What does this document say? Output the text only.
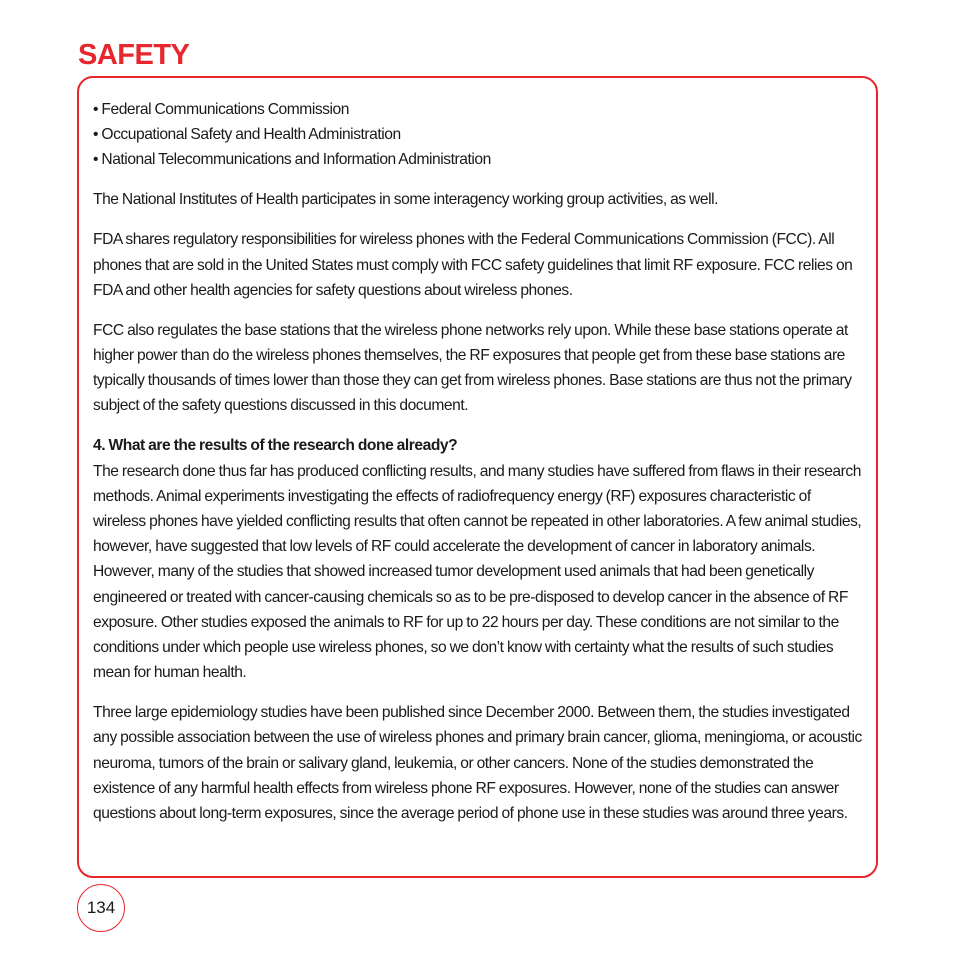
SAFETY
• Federal Communications Commission
• Occupational Safety and Health Administration
• National Telecommunications and Information Administration

The National Institutes of Health participates in some interagency working group activities, as well.

FDA shares regulatory responsibilities for wireless phones with the Federal Communications Commission (FCC). All phones that are sold in the United States must comply with FCC safety guidelines that limit RF exposure. FCC relies on FDA and other health agencies for safety questions about wireless phones.

FCC also regulates the base stations that the wireless phone networks rely upon. While these base stations operate at higher power than do the wireless phones themselves, the RF exposures that people get from these base stations are typically thousands of times lower than those they can get from wireless phones. Base stations are thus not the primary subject of the safety questions discussed in this document.

4. What are the results of the research done already?

The research done thus far has produced conflicting results, and many studies have suffered from flaws in their research methods. Animal experiments investigating the effects of radiofrequency energy (RF) exposures characteristic of wireless phones have yielded conflicting results that often cannot be repeated in other laboratories. A few animal studies, however, have suggested that low levels of RF could accelerate the development of cancer in laboratory animals. However, many of the studies that showed increased tumor development used animals that had been genetically engineered or treated with cancer-causing chemicals so as to be pre-disposed to develop cancer in the absence of RF exposure. Other studies exposed the animals to RF for up to 22 hours per day. These conditions are not similar to the conditions under which people use wireless phones, so we don’t know with certainty what the results of such studies mean for human health.

Three large epidemiology studies have been published since December 2000. Between them, the studies investigated any possible association between the use of wireless phones and primary brain cancer, glioma, meningioma, or acoustic neuroma, tumors of the brain or salivary gland, leukemia, or other cancers. None of the studies demonstrated the existence of any harmful health effects from wireless phone RF exposures. However, none of the studies can answer questions about long-term exposures, since the average period of phone use in these studies was around three years.

134
